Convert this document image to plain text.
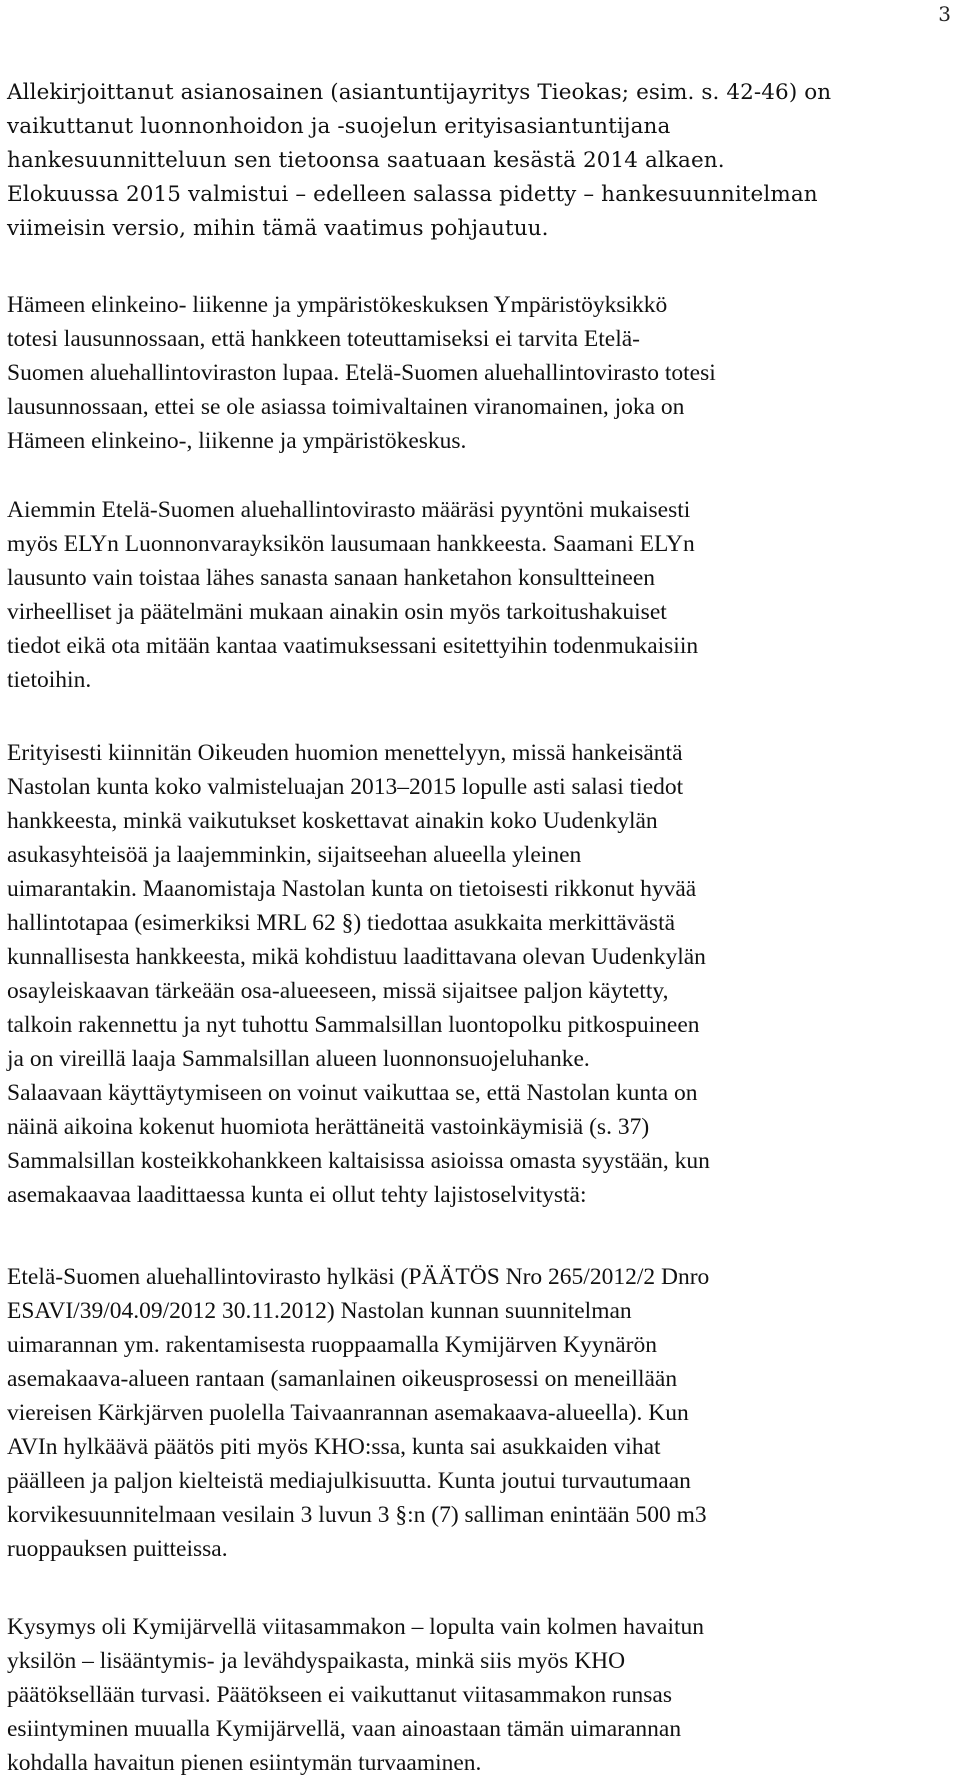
3
Allekirjoittanut asianosainen (asiantuntijayritys Tieokas; esim. s. 42-46) on
vaikuttanut luonnonhoidon ja -suojelun erityisasiantuntijana
hankesuunnitteluun sen tietoonsa saatuaan kesästä 2014 alkaen.
Elokuussa 2015 valmistui – edelleen salassa pidetty – hankesuunnitelman
viimeisin versio, mihin tämä vaatimus pohjautuu.
Hämeen elinkeino- liikenne ja ympäristökeskuksen Ympäristöyksikkö
totesi lausunnossaan, että hankkeen toteuttamiseksi ei tarvita Etelä-
Suomen aluehallintoviraston lupaa. Etelä-Suomen aluehallintovirasto totesi
lausunnossaan, ettei se ole asiassa toimivaltainen viranomainen, joka on
Hämeen elinkeino-, liikenne ja ympäristökeskus.
Aiemmin Etelä-Suomen aluehallintovirasto määräsi pyyntöni mukaisesti
myös ELYn Luonnonvarayksikön lausumaan hankkeesta. Saamani ELYn
lausunto vain toistaa lähes sanasta sanaan hanketahon konsultteineen
virheelliset ja päätelmäni mukaan ainakin osin myös tarkoitushakuiset
tiedot eikä ota mitään kantaa vaatimuksessani esitettyihin todenmukaisiin
tietoihin.
Erityisesti kiinnitän Oikeuden huomion menettelyyn, missä hankeisäntä
Nastolan kunta koko valmisteluajan 2013–2015 lopulle asti salasi tiedot
hankkeesta, minkä vaikutukset koskettavat ainakin koko Uudenkylän
asukasyhteisöä ja laajemminkin, sijaitseehan alueella yleinen
uimarantakin. Maanomistaja Nastolan kunta on tietoisesti rikkonut hyvää
hallintotapaa (esimerkiksi MRL 62 §) tiedottaa asukkaita merkittävästä
kunnallisesta hankkeesta, mikä kohdistuu laadittavana olevan Uudenkylän
osayleiskaavan tärkeään osa-alueeseen, missä sijaitsee paljon käytetty,
talkoin rakennettu ja nyt tuhottu Sammalsillan luontopolku pitkospuineen
ja on vireillä laaja Sammalsillan alueen luonnonsuojeluhanke.
Salaavaan käyttäytymiseen on voinut vaikuttaa se, että Nastolan kunta on
näinä aikoina kokenut huomiota herättäneitä vastoinkäymisiä (s. 37)
Sammalsillan kosteikkohankkeen kaltaisissa asioissa omasta syystään, kun
asemakaavaa laadittaessa kunta ei ollut tehty lajistoselvitystä:
Etelä-Suomen aluehallintovirasto hylkäsi (PÄÄTÖS Nro 265/2012/2 Dnro
ESAVI/39/04.09/2012 30.11.2012) Nastolan kunnan suunnitelman
uimarannan ym. rakentamisesta ruoppaamalla Kymijärven Kyynärön
asemakaava-alueen rantaan (samanlainen oikeusprosessi on meneillään
viereisen Kärkjärven puolella Taivaanrannan asemakaava-alueella). Kun
AVIn hylkäävä päätös piti myös KHO:ssa, kunta sai asukkaiden vihat
päälleen ja paljon kielteistä mediajulkisuutta. Kunta joutui turvautumaan
korvikesuunnitelmaan vesilain 3 luvun 3 §:n (7) salliman enintään 500 m3
ruoppauksen puitteissa.
Kysymys oli Kymijärvellä viitasammakon – lopulta vain kolmen havaitun
yksilön – lisääntymis- ja levähdyspaikasta, minkä siis myös KHO
päätöksellään turvasi. Päätökseen ei vaikuttanut viitasammakon runsas
esiintyminen muualla Kymijärvellä, vaan ainoastaan tämän uimarannan
kohdalla havaitun pienen esiintymän turvaaminen.
